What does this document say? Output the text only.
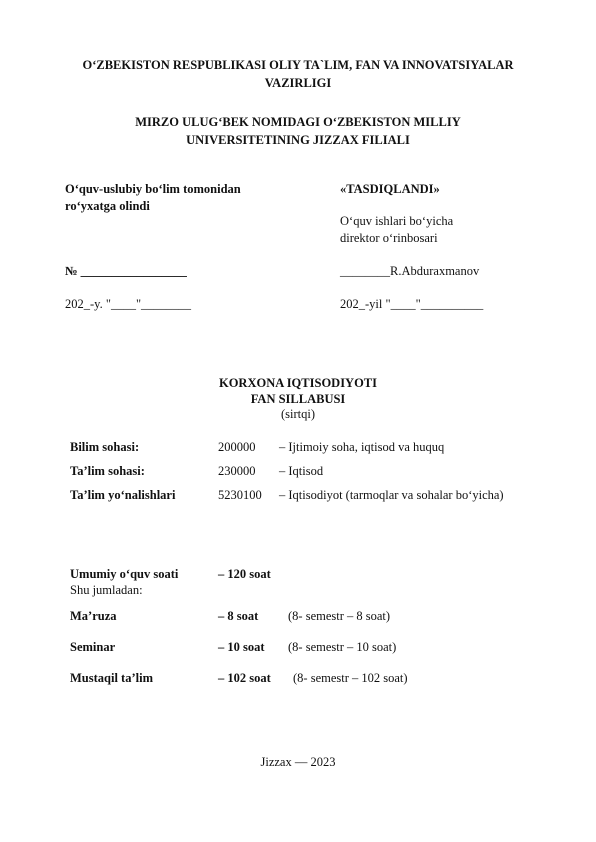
O‘ZBEKISTON RESPUBLIKASI OLIY TA`LIM, FAN VA INNOVATSIYALAR
VAZIRLIGI
MIRZO ULUG‘BEK NOMIDAGI O‘ZBEKISTON MILLIY
UNIVERSITETINING JIZZAX FILIALI
O‘quv-uslubiy bo‘lim tomonidan
ro‘yxatga olindi
№ _________________
202_-y. "____"________
«TASDIQLANDI»
O‘quv ishlari bo‘yicha
direktor o‘rinbosari
________R.Abduraxmanov
202_-yil "____"__________
KORXONA IQTISODIYOTI
FAN SILLABUSI
(sirtqi)
Bilim sohasi:	200000 – Ijtimoiy soha, iqtisod va huquq
Ta’lim sohasi:	230000 – Iqtisod
Ta’lim yo‘nalishlari	5230100 – Iqtisodiyot (tarmoqlar va sohalar bo‘yicha)
Umumiy o‘quv soati	– 120 soat
Shu jumladan:
Ma’ruza	– 8 soat (8- semestr – 8 soat)
Seminar	– 10 soat (8- semestr – 10 soat)
Mustaqil ta’lim	– 102 soat (8- semestr – 102 soat)
Jizzax — 2023
